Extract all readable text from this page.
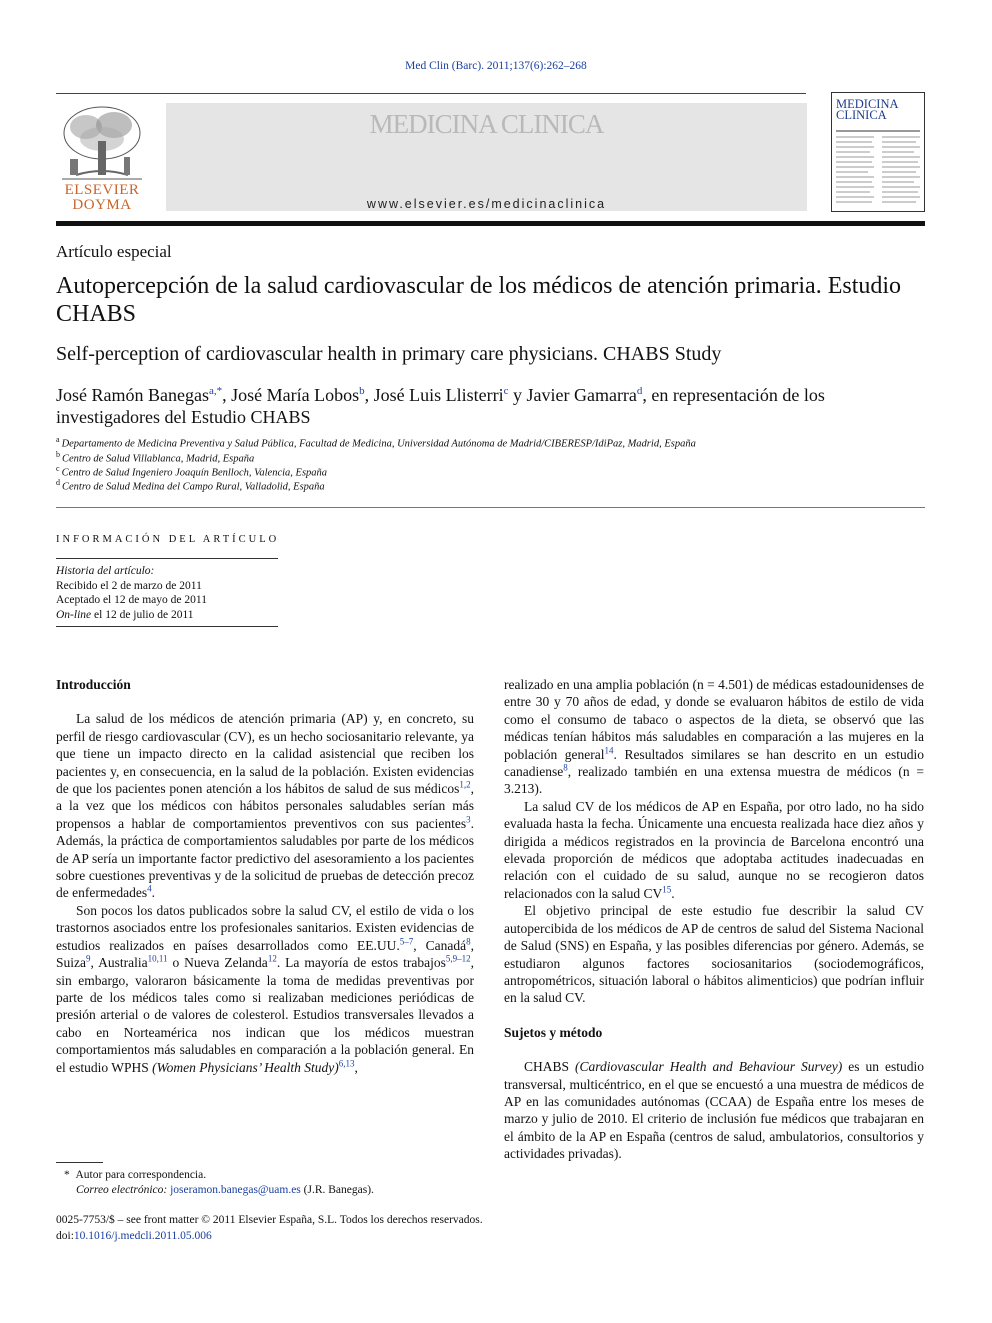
Med Clin (Barc). 2011;137(6):262–268
ELSEVIER
DOYMA
MEDICINA CLINICA
www.elsevier.es/medicinaclinica
MEDICINA
CLINICA
Artículo especial
Autopercepción de la salud cardiovascular de los médicos de atención primaria. Estudio CHABS
Self-perception of cardiovascular health in primary care physicians. CHABS Study
José Ramón Banegas$^{a,*}$, José María Lobos$^b$, José Luis Llisterri$^c$ y Javier Gamarra$^d$, en representación de los investigadores del Estudio CHABS
$^a$ Departamento de Medicina Preventiva y Salud Pública, Facultad de Medicina, Universidad Autónoma de Madrid/CIBERESP/IdiPaz, Madrid, España
$^b$ Centro de Salud Villablanca, Madrid, España
$^c$ Centro de Salud Ingeniero Joaquín Benlloch, Valencia, España
$^d$ Centro de Salud Medina del Campo Rural, Valladolid, España
INFORMACIÓN DEL ARTÍCULO
Historia del artículo:
Recibido el 2 de marzo de 2011
Aceptado el 12 de mayo de 2011
On-line el 12 de julio de 2011

Introducción

La salud de los médicos de atención primaria (AP) y, en concreto, su perfil de riesgo cardiovascular (CV), es un hecho sociosanitario relevante, ya que tiene un impacto directo en la calidad asistencial que reciben los pacientes y, en consecuencia, en la salud de la población. Existen evidencias de que los pacientes ponen atención a los hábitos de salud de sus médicos$^{1,2}$, a la vez que los médicos con hábitos personales saludables serían más propensos a hablar de comportamientos preventivos con sus pacientes$^3$. Además, la práctica de comportamientos saludables por parte de los médicos de AP sería un importante factor predictivo del asesoramiento a los pacientes sobre cuestiones preventivas y de la solicitud de pruebas de detección precoz de enfermedades$^4$.

Son pocos los datos publicados sobre la salud CV, el estilo de vida o los trastornos asociados entre los profesionales sanitarios. Existen evidencias de estudios realizados en países desarrollados como EE.UU.$^{5-7}$, Canadá$^8$, Suiza$^9$, Australia$^{10,11}$ o Nueva Zelanda$^{12}$. La mayoría de estos trabajos$^{5,9-12}$, sin embargo, valoraron básicamente la toma de medidas preventivas por parte de los médicos tales como si realizaban mediciones periódicas de presión arterial o de valores de colesterol. Estudios transversales llevados a cabo en Norteamérica nos indican que los médicos muestran comportamientos más saludables en comparación a la población general. En el estudio WPHS (Women Physicians’ Health Study)$^{6,13}$,

realizado en una amplia población (n = 4.501) de médicas estadounidenses de entre 30 y 70 años de edad, y donde se evaluaron hábitos de estilo de vida como el consumo de tabaco o aspectos de la dieta, se observó que las médicas tenían hábitos más saludables en comparación a las mujeres en la población general$^{14}$. Resultados similares se han descrito en un estudio canadiense$^8$, realizado también en una extensa muestra de médicos (n = 3.213).

La salud CV de los médicos de AP en España, por otro lado, no ha sido evaluada hasta la fecha. Únicamente una encuesta realizada hace diez años y dirigida a médicos registrados en la provincia de Barcelona encontró una elevada proporción de médicos que adoptaba actitudes inadecuadas en relación con el cuidado de su salud, aunque no se recogieron datos relacionados con la salud CV$^{15}$.

El objetivo principal de este estudio fue describir la salud CV autopercibida de los médicos de AP de centros de salud del Sistema Nacional de Salud (SNS) en España, y las posibles diferencias por género. Además, se estudiaron algunos factores sociosanitarios (sociodemográficos, antropométricos, situación laboral o hábitos alimenticios) que podrían influir en la salud CV.

Sujetos y método

CHABS (Cardiovascular Health and Behaviour Survey) es un estudio transversal, multicéntrico, en el que se encuestó a una muestra de médicos de AP en las comunidades autónomas (CCAA) de España entre los meses de marzo y julio de 2010. El criterio de inclusión fue médicos que trabajaran en el ámbito de la AP en España (centros de salud, ambulatorios, consultorios y actividades privadas).

* Autor para correspondencia.
Correo electrónico: joseramon.banegas@uam.es (J.R. Banegas).
0025-7753/$ – see front matter © 2011 Elsevier España, S.L. Todos los derechos reservados.
doi:10.1016/j.medcli.2011.05.006
